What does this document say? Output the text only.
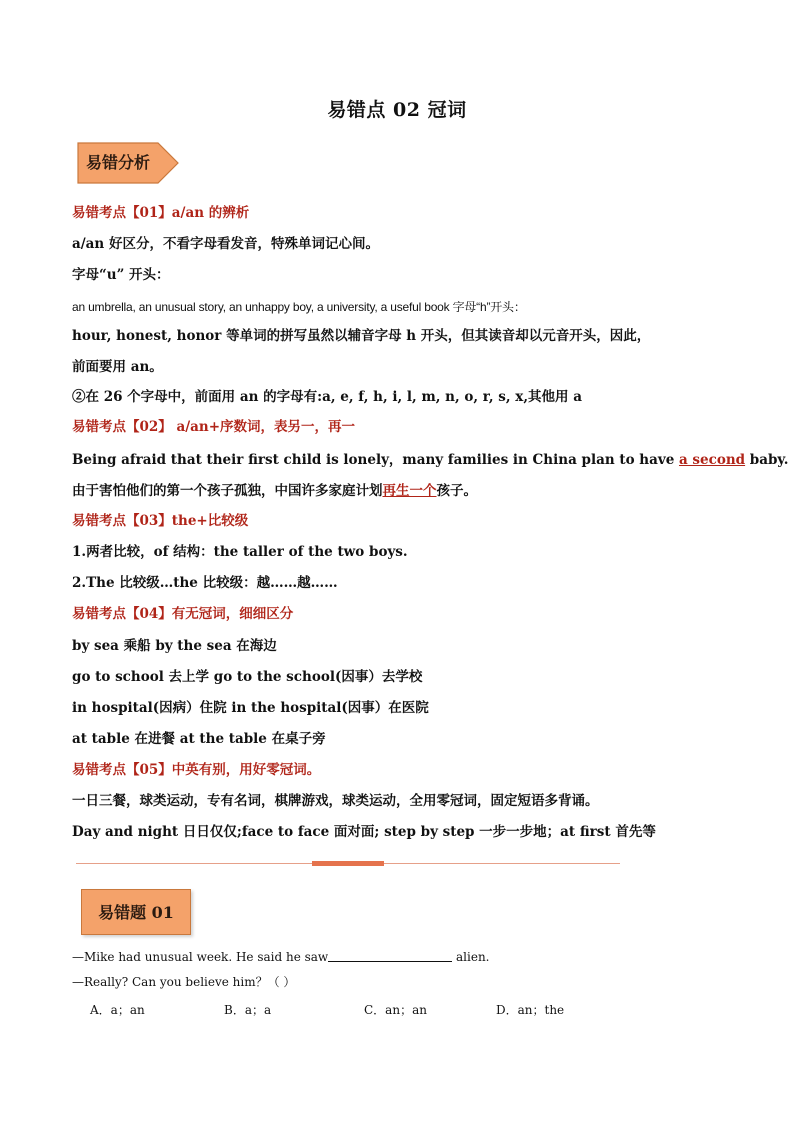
易错点 02 冠词
易错分析
易错考点【01】a/an 的辨析
a/an 好区分，不看字母看发音，特殊单词记心间。
字母“u” 开头：
an umbrella, an unusual story, an unhappy boy, a university, a useful book 字母“h”开头：
hour, honest, honor 等单词的拼写虽然以辅音字母 h 开头，但其读音却以元音开头，因此，
前面要用 an。
②在 26 个字母中，前面用 an 的字母有:a, e, f, h, i, l, m, n, o, r, s, x,其他用 a
易错考点【02】 a/an+序数词，表另一，再一
Being afraid that their first child is lonely，many families in China plan to have a second baby.
由于害怕他们的第一个孩子孤独，中国许多家庭计划再生一个孩子。
易错考点【03】the+比较级
1.两者比较，of 结构：the taller of the two boys.
2.The 比较级…the 比较级：越……越……
易错考点【04】有无冠词，细细区分
by sea 乘船 by the sea 在海边
go to school 去上学 go to the school(因事）去学校
in hospital(因病）住院 in the hospital(因事）在医院
at table 在进餐 at the table 在桌子旁
易错考点【05】中英有别，用好零冠词。
一日三餐，球类运动，专有名词，棋牌游戏，球类运动，全用零冠词，固定短语多背诵。
Day and night 日日仅仅;face to face 面对面; step by step 一步一步地；at first 首先等
易错题 01
—Mike had unusual week. He said he saw	alien.
—Really? Can you believe him？（ ）
A．a；an	B．a；a	C．an；an	D．an；the
